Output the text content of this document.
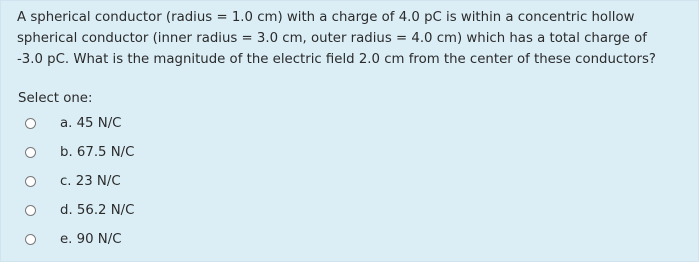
A spherical conductor (radius = 1.0 cm) with a charge of 4.0 pC is within a concentric hollow
spherical conductor (inner radius = 3.0 cm, outer radius = 4.0 cm) which has a total charge of
-3.0 pC. What is the magnitude of the electric field 2.0 cm from the center of these conductors?
Select one:
a. 45 N/C
b. 67.5 N/C
c. 23 N/C
d. 56.2 N/C
e. 90 N/C
